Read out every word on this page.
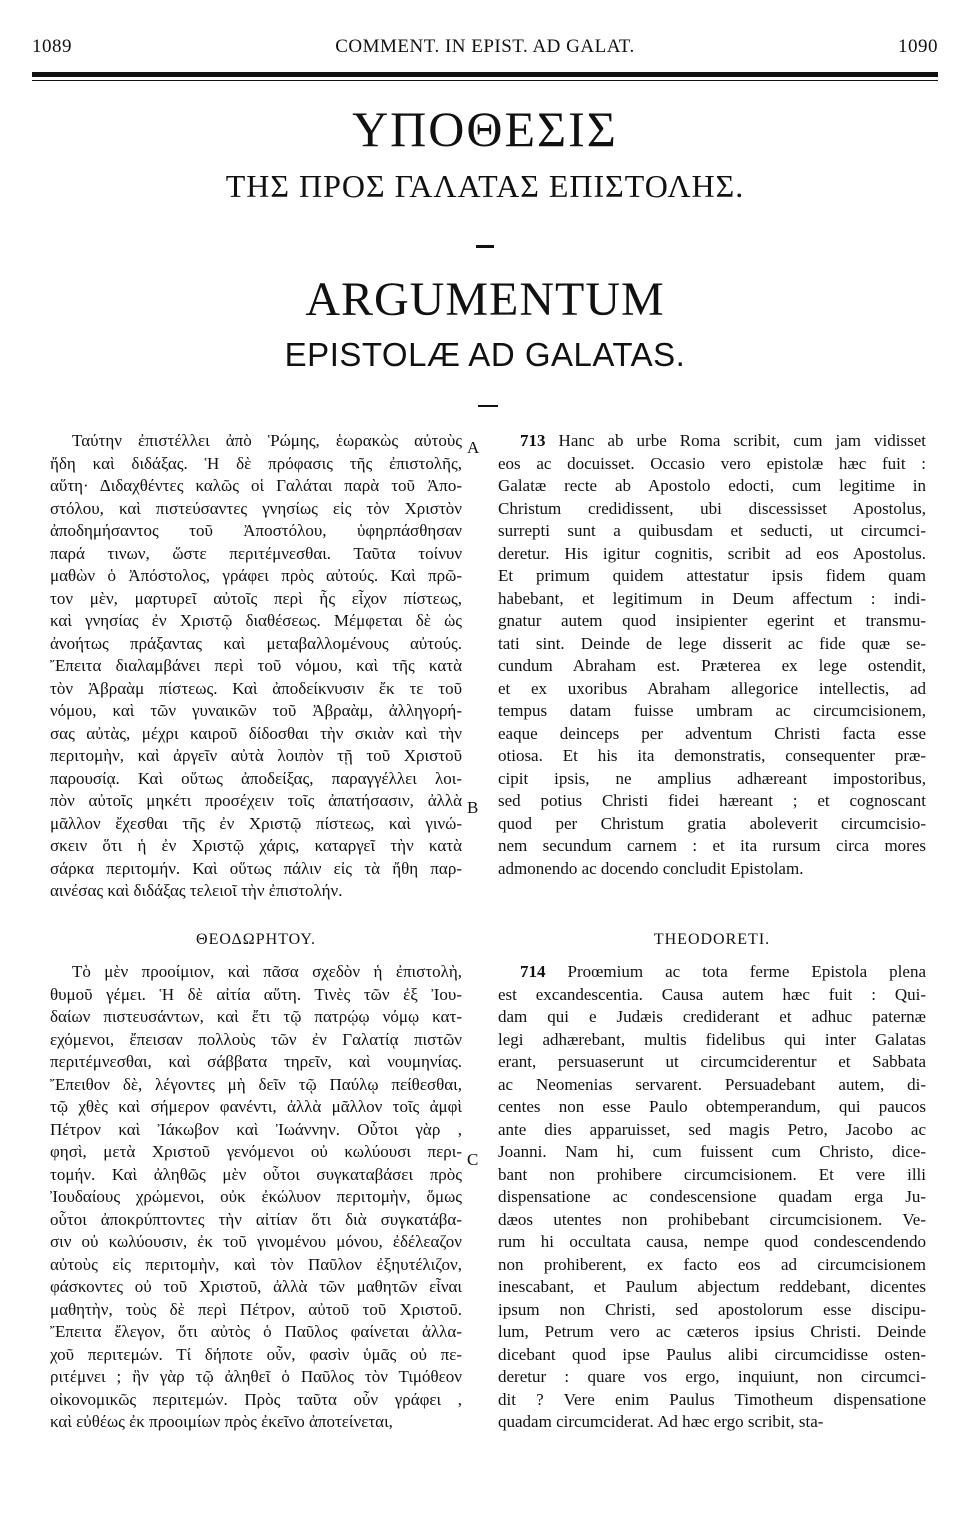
1089	COMMENT. IN EPIST. AD GALAT.	1090
ΥΠΟΘΕΣΙΣ
ΤΗΣ ΠΡΟΣ ΓΑΛΑΤΑΣ ΕΠΙΣΤΟΛΗΣ.
ARGUMENTUM
EPISTOLÆ AD GALATAS.
Ταύτην ἐπιστέλλει ἀπὸ Ῥώμης, ἑωρακὼς αὐτοὺς
ἤδη καὶ διδάξας. Ἡ δὲ πρόφασις τῆς ἐπιστολῆς,
αὕτη· Διδαχθέντες καλῶς οἱ Γαλάται παρὰ τοῦ Ἀπο-
στόλου, καὶ πιστεύσαντες γνησίως εἰς τὸν Χριστὸν
ἀποδημήσαντος τοῦ Ἀποστόλου, ὑφηρπάσθησαν
παρά τινων, ὥστε περιτέμνεσθαι. Ταῦτα τοίνυν
μαθὼν ὁ Ἀπόστολος, γράφει πρὸς αὐτούς. Καὶ πρῶ-
τον μὲν, μαρτυρεῖ αὐτοῖς περὶ ἧς εἶχον πίστεως,
καὶ γνησίας ἐν Χριστῷ διαθέσεως. Μέμφεται δὲ ὡς
ἀνοήτως πράξαντας καὶ μεταβαλλομένους αὐτούς.
Ἔπειτα διαλαμβάνει περὶ τοῦ νόμου, καὶ τῆς κατὰ
τὸν Ἀβραὰμ πίστεως. Καὶ ἀποδείκνυσιν ἔκ τε τοῦ
νόμου, καὶ τῶν γυναικῶν τοῦ Ἀβραὰμ, ἀλληγορή-
σας αὐτὰς, μέχρι καιροῦ δίδοσθαι τὴν σκιὰν καὶ τὴν
περιτομὴν, καὶ ἀργεῖν αὐτὰ λοιπὸν τῇ τοῦ Χριστοῦ
παρουσίᾳ. Καὶ οὕτως ἀποδείξας, παραγγέλλει λοι-
πὸν αὐτοῖς μηκέτι προσέχειν τοῖς ἀπατήσασιν, ἀλλὰ
μᾶλλον ἔχεσθαι τῆς ἐν Χριστῷ πίστεως, καὶ γινώ-
σκειν ὅτι ἡ ἐν Χριστῷ χάρις, καταργεῖ τὴν κατὰ
σάρκα περιτομήν. Καὶ οὕτως πάλιν εἰς τὰ ἤθη παρ-
αινέσας καὶ διδάξας τελειοῖ τὴν ἐπιστολήν.
713 Hanc ab urbe Roma scribit, cum jam vidisset
eos ac docuisset. Occasio vero epistolæ hæc fuit :
Galatæ recte ab Apostolo edocti, cum legitime in
Christum credidissent, ubi discessisset Apostolus,
surrepti sunt a quibusdam et seducti, ut circumci-
deretur. His igitur cognitis, scribit ad eos Apostolus.
Et primum quidem attestatur ipsis fidem quam
habebant, et legitimum in Deum affectum : indi-
gnatur autem quod insipienter egerint et transmu-
tati sint. Deinde de lege disserit ac fide quæ se-
cundum Abraham est. Præterea ex lege ostendit,
et ex uxoribus Abraham allegorice intellectis, ad
tempus datam fuisse umbram ac circumcisionem,
eaque deinceps per adventum Christi facta esse
otiosa. Et his ita demonstratis, consequenter præ-
cipit ipsis, ne amplius adhæreant impostoribus,
sed potius Christi fidei hæreant ; et cognoscant
quod per Christum gratia aboleverit circumcisio-
nem secundum carnem : et ita rursum circa mores
admonendo ac docendo concludit Epistolam.
A
B
C
ΘΕΟΔΩΡΗΤΟΥ.	THEODORETI.
Τὸ μὲν προοίμιον, καὶ πᾶσα σχεδὸν ἡ ἐπιστολὴ,
θυμοῦ γέμει. Ἡ δὲ αἰτία αὕτη. Τινὲς τῶν ἐξ Ἰου-
δαίων πιστευσάντων, καὶ ἔτι τῷ πατρῴῳ νόμῳ κατ-
εχόμενοι, ἔπεισαν πολλοὺς τῶν ἐν Γαλατίᾳ πιστῶν
περιτέμνεσθαι, καὶ σάββατα τηρεῖν, καὶ νουμηνίας.
Ἔπειθον δὲ, λέγοντες μὴ δεῖν τῷ Παύλῳ πείθεσθαι,
τῷ χθὲς καὶ σήμερον φανέντι, ἀλλὰ μᾶλλον τοῖς ἀμφὶ
Πέτρον καὶ Ἰάκωβον καὶ Ἰωάννην. Οὗτοι γὰρ ,
φησὶ, μετὰ Χριστοῦ γενόμενοι οὐ κωλύουσι περι-
τομήν. Καὶ ἀληθῶς μὲν οὗτοι συγκαταβάσει πρὸς
Ἰουδαίους χρώμενοι, οὐκ ἐκώλυον περιτομὴν, ὅμως
οὗτοι ἀποκρύπτοντες τὴν αἰτίαν ὅτι διὰ συγκατάβα-
σιν οὐ κωλύουσιν, ἐκ τοῦ γινομένου μόνου, ἐδέλεαζον
αὐτοὺς εἰς περιτομὴν, καὶ τὸν Παῦλον ἐξηυτέλιζον,
φάσκοντες οὐ τοῦ Χριστοῦ, ἀλλὰ τῶν μαθητῶν εἶναι
μαθητὴν, τοὺς δὲ περὶ Πέτρον, αὐτοῦ τοῦ Χριστοῦ.
Ἔπειτα ἔλεγον, ὅτι αὐτὸς ὁ Παῦλος φαίνεται ἀλλα-
χοῦ περιτεμών. Τί δήποτε οὖν, φασὶν ὑμᾶς οὐ πε-
ριτέμνει ; ἣν γὰρ τῷ ἀληθεῖ ὁ Παῦλος τὸν Τιμόθεον
οἰκονομικῶς περιτεμών. Πρὸς ταῦτα οὖν γράφει ,
καὶ εὐθέως ἐκ προοιμίων πρὸς ἐκεῖνο ἀποτείνεται,
714 Proœmium ac tota ferme Epistola plena
est excandescentia. Causa autem hæc fuit : Qui-
dam qui e Judæis crediderant et adhuc paternæ
legi adhærebant, multis fidelibus qui inter Galatas
erant, persuaserunt ut circumciderentur et Sabbata
ac Neomenias servarent. Persuadebant autem, di-
centes non esse Paulo obtemperandum, qui paucos
ante dies apparuisset, sed magis Petro, Jacobo ac
Joanni. Nam hi, cum fuissent cum Christo, dice-
bant non prohibere circumcisionem. Et vere illi
dispensatione ac condescensione quadam erga Ju-
dæos utentes non prohibebant circumcisionem. Ve-
rum hi occultata causa, nempe quod condescendendo
non prohiberent, ex facto eos ad circumcisionem
inescabant, et Paulum abjectum reddebant, dicentes
ipsum non Christi, sed apostolorum esse discipu-
lum, Petrum vero ac cæteros ipsius Christi. Deinde
dicebant quod ipse Paulus alibi circumcidisse osten-
deretur : quare vos ergo, inquiunt, non circumci-
dit ? Vere enim Paulus Timotheum dispensatione
quadam circumciderat. Ad hæc ergo scribit, sta-
